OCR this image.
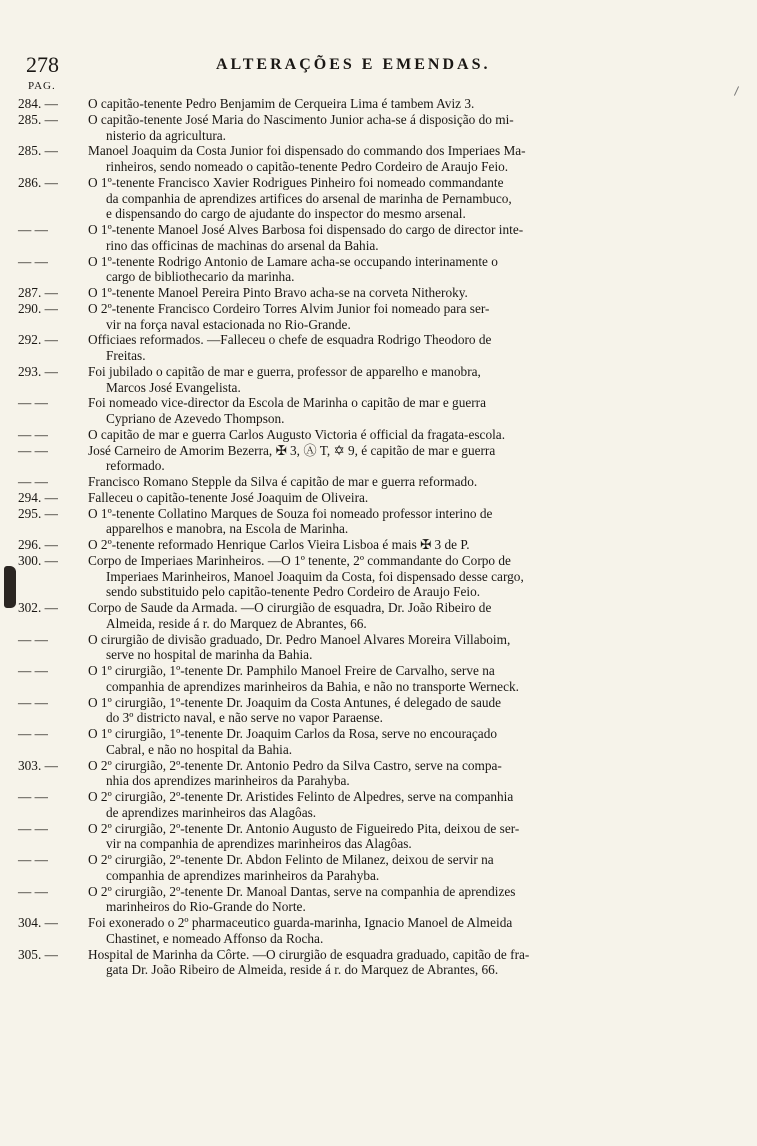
278	ALTERAÇÕES E EMENDAS.
PAG.

284. —	O capitão-tenente Pedro Benjamim de Cerqueira Lima é tambem Aviz 3.

285. —	O capitão-tenente José Maria do Nascimento Junior acha-se á disposição do mi-
nisterio da agricultura.

285. —	Manoel Joaquim da Costa Junior foi dispensado do commando dos Imperiaes Ma-
rinheiros, sendo nomeado o capitão-tenente Pedro Cordeiro de Araujo Feio.

286. —	O 1º-tenente Francisco Xavier Rodrigues Pinheiro foi nomeado commandante
da companhia de aprendizes artifices do arsenal de marinha de Pernambuco,
e dispensando do cargo de ajudante do inspector do mesmo arsenal.

— —	O 1º-tenente Manoel José Alves Barbosa foi dispensado do cargo de director inte-
rino das officinas de machinas do arsenal da Bahia.

— —	O 1º-tenente Rodrigo Antonio de Lamare acha-se occupando interinamente o
cargo de bibliothecario da marinha.

287. —	O 1º-tenente Manoel Pereira Pinto Bravo acha-se na corveta Nitheroky.

290. —	O 2º-tenente Francisco Cordeiro Torres Alvim Junior foi nomeado para ser-
vir na força naval estacionada no Rio-Grande.

292. —	Officiaes reformados. —Falleceu o chefe de esquadra Rodrigo Theodoro de
Freitas.

293. —	Foi jubilado o capitão de mar e guerra, professor de apparelho e manobra,
Marcos José Evangelista.

— —	Foi nomeado vice-director da Escola de Marinha o capitão de mar e guerra
Cypriano de Azevedo Thompson.

— —	O capitão de mar e guerra Carlos Augusto Victoria é official da fragata-escola.

— —	José Carneiro de Amorim Bezerra, ✠ 3, Ⓐ T, ✡ 9, é capitão de mar e guerra
reformado.

— —	Francisco Romano Stepple da Silva é capitão de mar e guerra reformado.

294. —	Falleceu o capitão-tenente José Joaquim de Oliveira.

295. —	O 1º-tenente Collatino Marques de Souza foi nomeado professor interino de
apparelhos e manobra, na Escola de Marinha.

296. —	O 2º-tenente reformado Henrique Carlos Vieira Lisboa é mais ✠ 3 de P.

300. —	Corpo de Imperiaes Marinheiros. —O 1º tenente, 2º commandante do Corpo de
Imperiaes Marinheiros, Manoel Joaquim da Costa, foi dispensado desse cargo,
sendo substituido pelo capitão-tenente Pedro Cordeiro de Araujo Feio.

302. —	Corpo de Saude da Armada. —O cirurgião de esquadra, Dr. João Ribeiro de
Almeida, reside á r. do Marquez de Abrantes, 66.

— —	O cirurgião de divisão graduado, Dr. Pedro Manoel Alvares Moreira Villaboim,
serve no hospital de marinha da Bahia.

— —	O 1º cirurgião, 1º-tenente Dr. Pamphilo Manoel Freire de Carvalho, serve na
companhia de aprendizes marinheiros da Bahia, e não no transporte Werneck.

— —	O 1º cirurgião, 1º-tenente Dr. Joaquim da Costa Antunes, é delegado de saude
do 3º districto naval, e não serve no vapor Paraense.

— —	O 1º cirurgião, 1º-tenente Dr. Joaquim Carlos da Rosa, serve no encouraçado
Cabral, e não no hospital da Bahia.

303. —	O 2º cirurgião, 2º-tenente Dr. Antonio Pedro da Silva Castro, serve na compa-
nhia dos aprendizes marinheiros da Parahyba.

— —	O 2º cirurgião, 2º-tenente Dr. Aristides Felinto de Alpedres, serve na companhia
de aprendizes marinheiros das Alagôas.

— —	O 2º cirurgião, 2º-tenente Dr. Antonio Augusto de Figueiredo Pita, deixou de ser-
vir na companhia de aprendizes marinheiros das Alagôas.

— —	O 2º cirurgião, 2º-tenente Dr. Abdon Felinto de Milanez, deixou de servir na
companhia de aprendizes marinheiros da Parahyba.

— —	O 2º cirurgião, 2º-tenente Dr. Manoal Dantas, serve na companhia de aprendizes
marinheiros do Rio-Grande do Norte.

304. —	Foi exonerado o 2º pharmaceutico guarda-marinha, Ignacio Manoel de Almeida
Chastinet, e nomeado Affonso da Rocha.

305. —	Hospital de Marinha da Côrte. —O cirurgião de esquadra graduado, capitão de fra-
gata Dr. João Ribeiro de Almeida, reside á r. do Marquez de Abrantes, 66.
